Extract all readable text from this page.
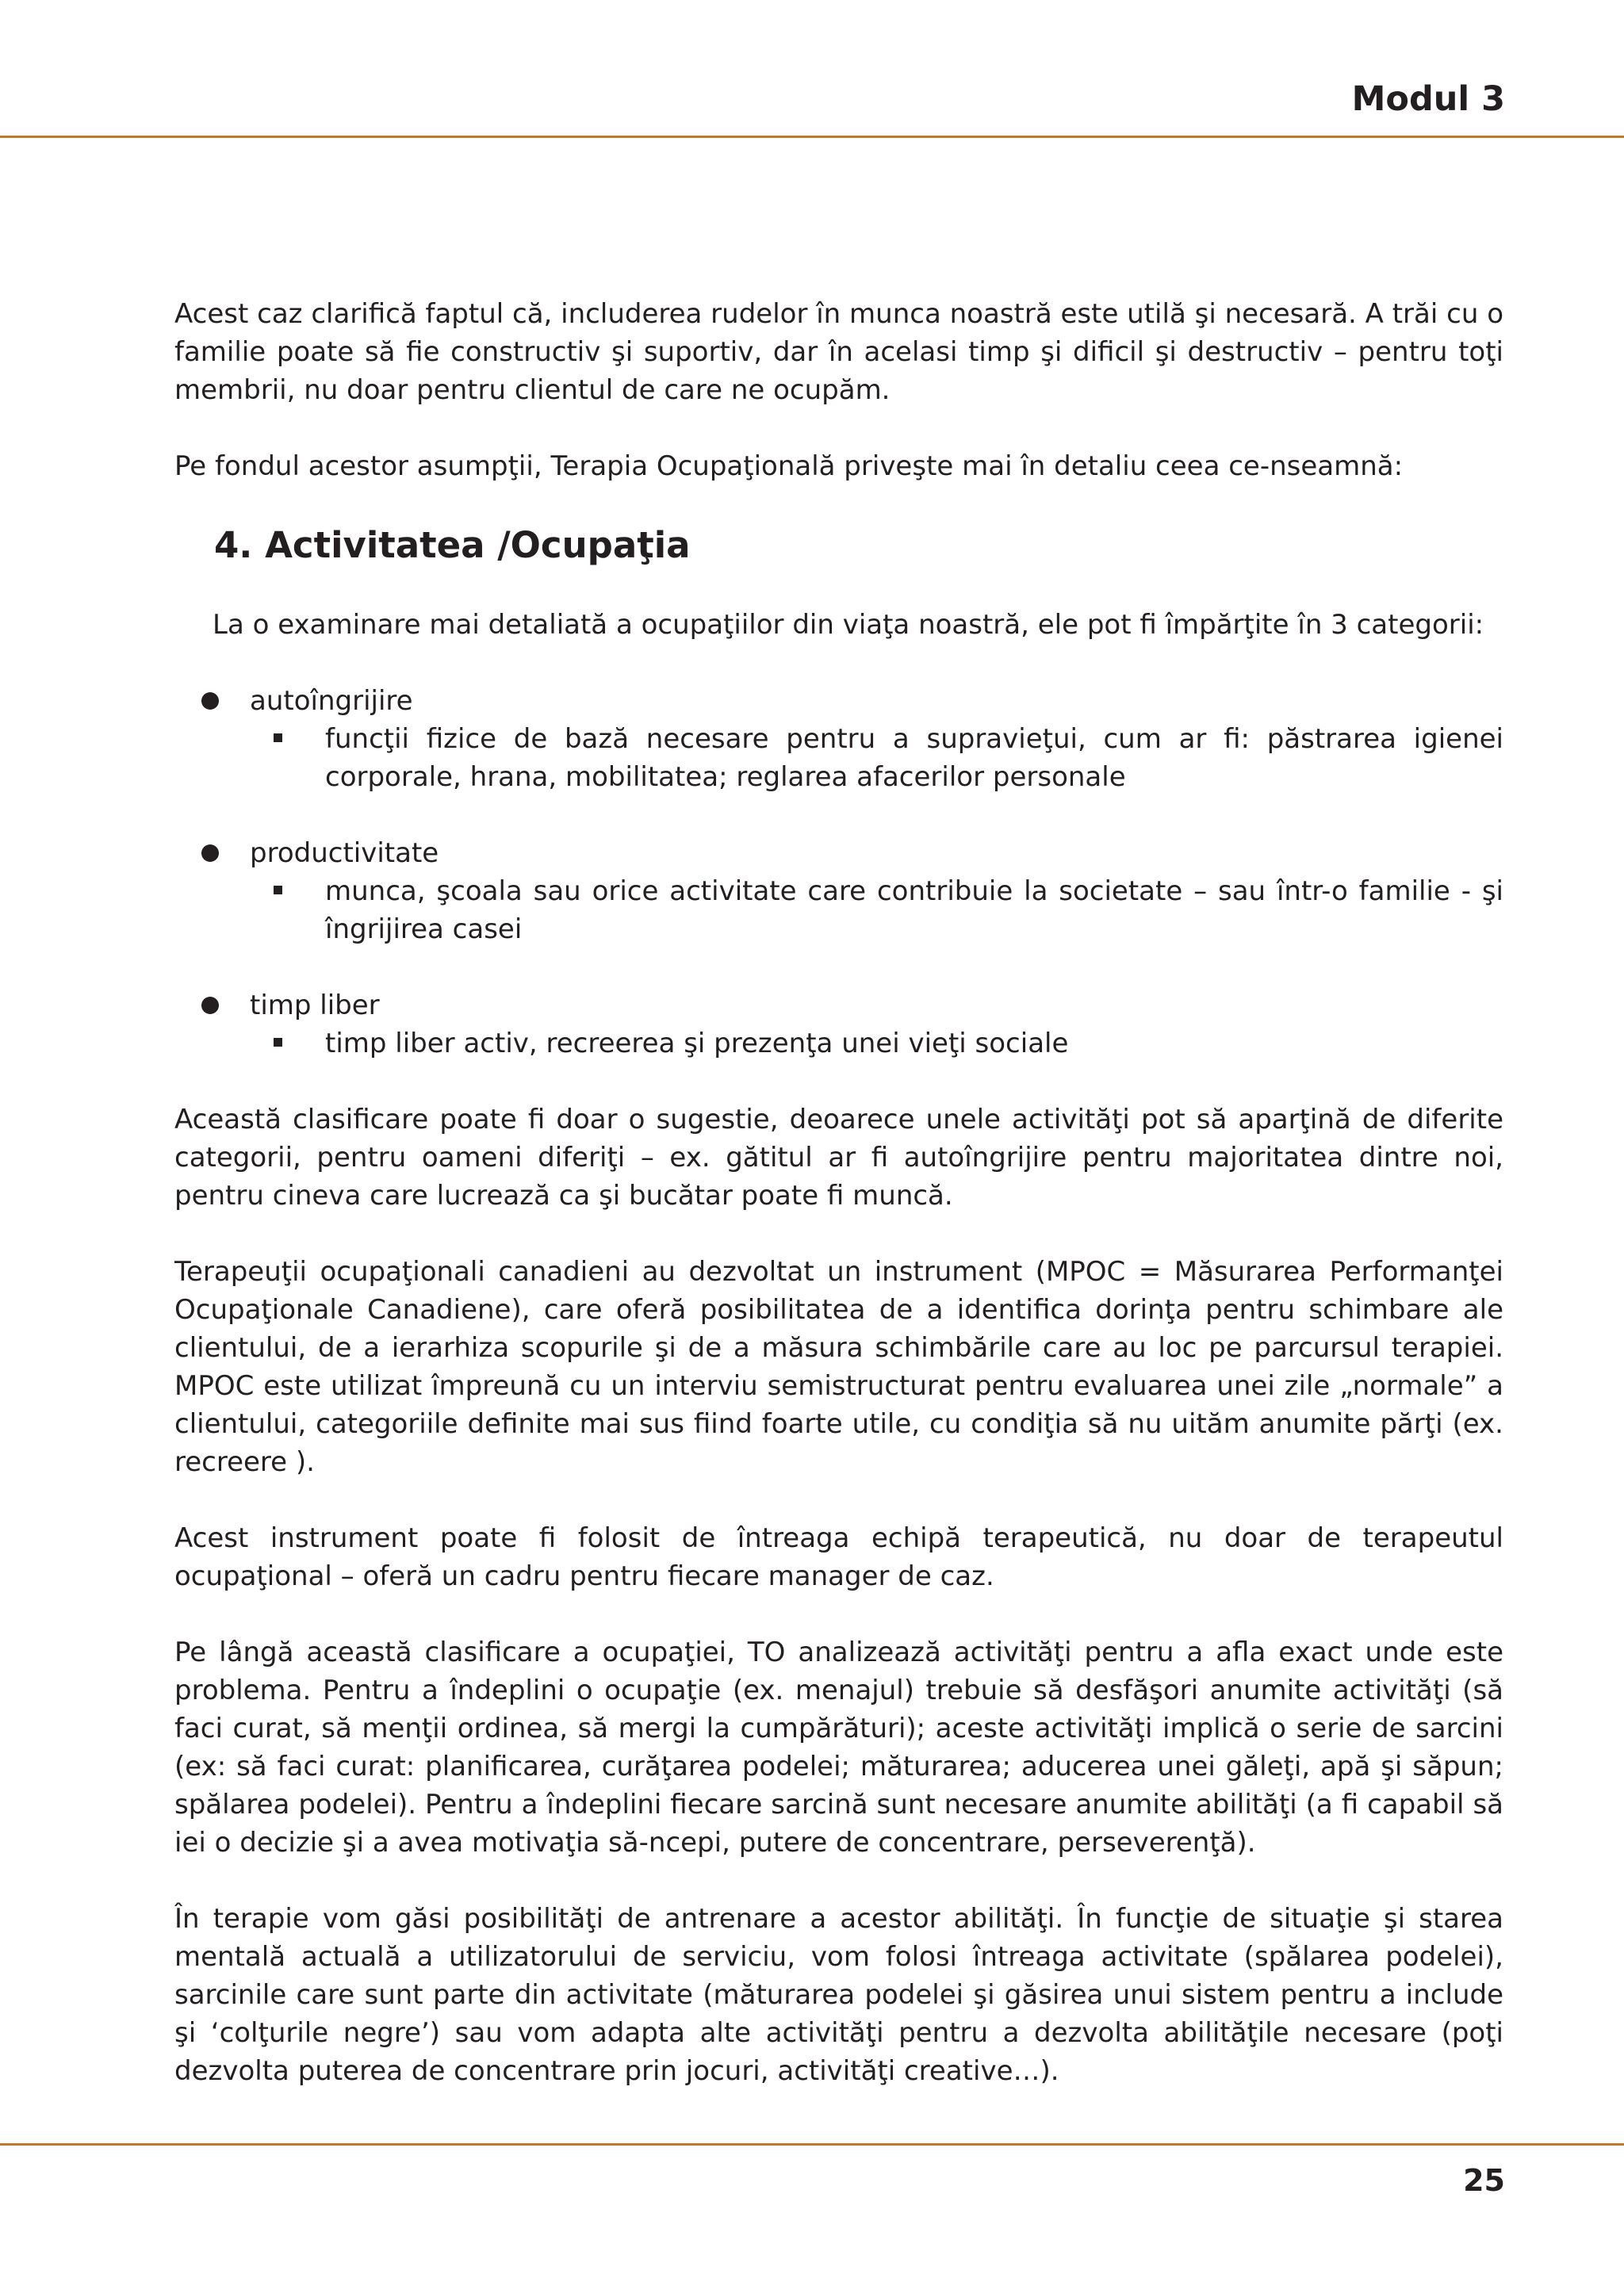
Modul 3

Acest caz clarifică faptul că, includerea rudelor în munca noastră este utilă şi necesară. A trăi cu o familie poate să fie constructiv şi suportiv, dar în acelasi timp şi dificil şi destructiv – pentru toţi membrii, nu doar pentru clientul de care ne ocupăm.

Pe fondul acestor asumpţii, Terapia Ocupaţională priveşte mai în detaliu ceea ce-nseamnă:

4. Activitatea /Ocupaţia

La o examinare mai detaliată a ocupaţiilor din viaţa noastră, ele pot fi împărţite în 3 categorii:

autoîngrijire
funcţii fizice de bază necesare pentru a supravieţui, cum ar fi: păstrarea igienei corporale, hrana, mobilitatea; reglarea afacerilor personale
productivitate
munca, şcoala sau orice activitate care contribuie la societate – sau într-o familie - şi îngrijirea casei
timp liber
timp liber activ, recreerea şi prezenţa unei vieţi sociale

Această clasificare poate fi doar o sugestie, deoarece unele activităţi pot să aparţină de diferite categorii, pentru oameni diferiţi – ex. gătitul ar fi autoîngrijire pentru majoritatea dintre noi, pentru cineva care lucrează ca şi bucătar poate fi muncă.

Terapeuţii ocupaţionali canadieni au dezvoltat un instrument (MPOC = Măsurarea Performanţei Ocupaţionale Canadiene), care oferă posibilitatea de a identifica dorinţa pentru schimbare ale clientului, de a ierarhiza scopurile şi de a măsura schimbările care au loc pe parcursul terapiei. MPOC este utilizat împreună cu un interviu semistructurat pentru evaluarea unei zile „normale” a clientului, categoriile definite mai sus fiind foarte utile, cu condiţia să nu uităm anumite părţi (ex. recreere ).

Acest instrument poate fi folosit de întreaga echipă terapeutică, nu doar de terapeutul ocupaţional – oferă un cadru pentru fiecare manager de caz.

Pe lângă această clasificare a ocupaţiei, TO analizează activităţi pentru a afla exact unde este problema. Pentru a îndeplini o ocupaţie (ex. menajul) trebuie să desfăşori anumite activităţi (să faci curat, să menţii ordinea, să mergi la cumpărături); aceste activităţi implică o serie de sarcini (ex: să faci curat: planificarea, curăţarea podelei; măturarea; aducerea unei găleţi, apă şi săpun; spălarea podelei). Pentru a îndeplini fiecare sarcină sunt necesare anumite abilităţi (a fi capabil să iei o decizie şi a avea motivaţia să-ncepi, putere de concentrare, perseverenţă).

În terapie vom găsi posibilităţi de antrenare a acestor abilităţi. În funcţie de situaţie şi starea mentală actuală a utilizatorului de serviciu, vom folosi întreaga activitate (spălarea podelei), sarcinile care sunt parte din activitate (măturarea podelei şi găsirea unui sistem pentru a include şi ‘colţurile negre’) sau vom adapta alte activităţi pentru a dezvolta abilităţile necesare (poţi dezvolta puterea de concentrare prin jocuri, activităţi creative…).

25
